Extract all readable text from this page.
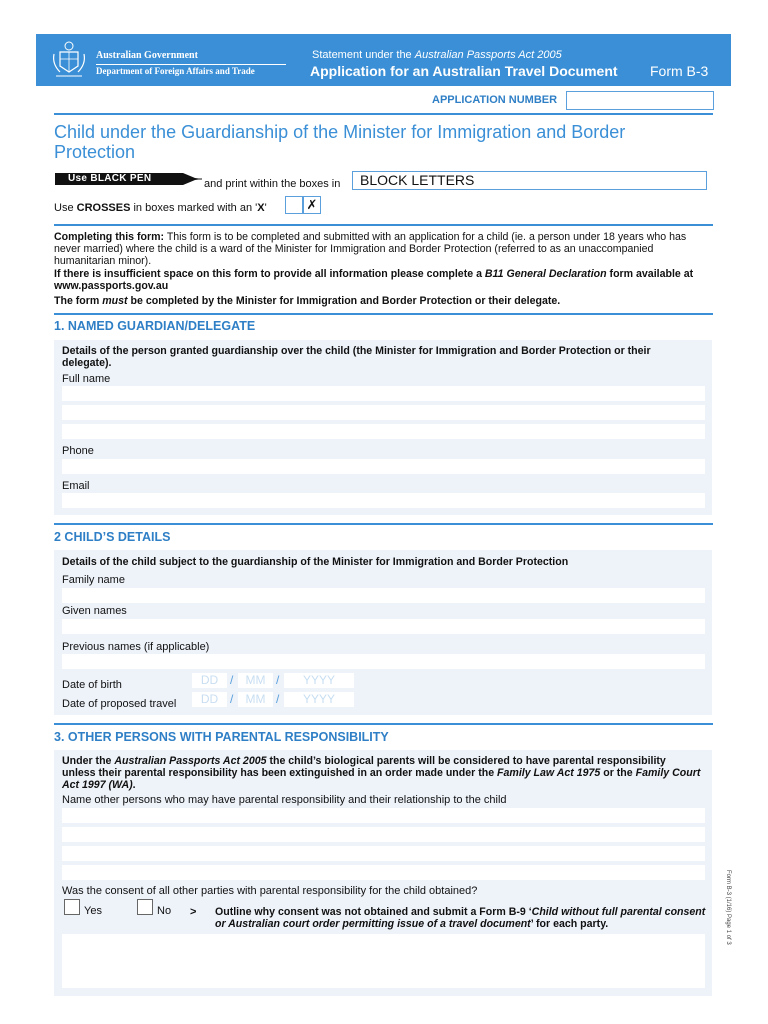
Australian Government
Department of Foreign Affairs and Trade
Statement under the Australian Passports Act 2005
Application for an Australian Travel Document Form B-3
APPLICATION NUMBER
Child under the Guardianship of the Minister for Immigration and Border Protection
Use BLACK PEN	and print within the boxes in BLOCK LETTERS
Use CROSSES in boxes marked with an 'X'	✗
Completing this form: This form is to be completed and submitted with an application for a child (ie. a person under 18 years who has never married) where the child is a ward of the Minister for Immigration and Border Protection (referred to as an unaccompanied humanitarian minor).
If there is insufficient space on this form to provide all information please complete a B11 General Declaration form available at www.passports.gov.au
The form must be completed by the Minister for Immigration and Border Protection or their delegate.
1. NAMED GUARDIAN/DELEGATE
Details of the person granted guardianship over the child (the Minister for Immigration and Border Protection or their delegate).
Full name
Phone
Email
2 CHILD’S DETAILS
Details of the child subject to the guardianship of the Minister for Immigration and Border Protection
Family name
Given names
Previous names (if applicable)
Date of birth	DD /	MM /	YYYY
Date of proposed travel	DD /	MM /	YYYY
3. OTHER PERSONS WITH PARENTAL RESPONSIBILITY
Under the Australian Passports Act 2005 the child’s biological parents will be considered to have parental responsibility unless their parental responsibility has been extinguished in an order made under the Family Law Act 1975 or the Family Court Act 1997 (WA).
Name other persons who may have parental responsibility and their relationship to the child
Was the consent of all other parties with parental responsibility for the child obtained?
Yes	No > Outline why consent was not obtained and submit a Form B-9 ‘Child without full parental consent or Australian court order permitting issue of a travel document’ for each party.	Form B-3 (1/16) Page 1 of 3
